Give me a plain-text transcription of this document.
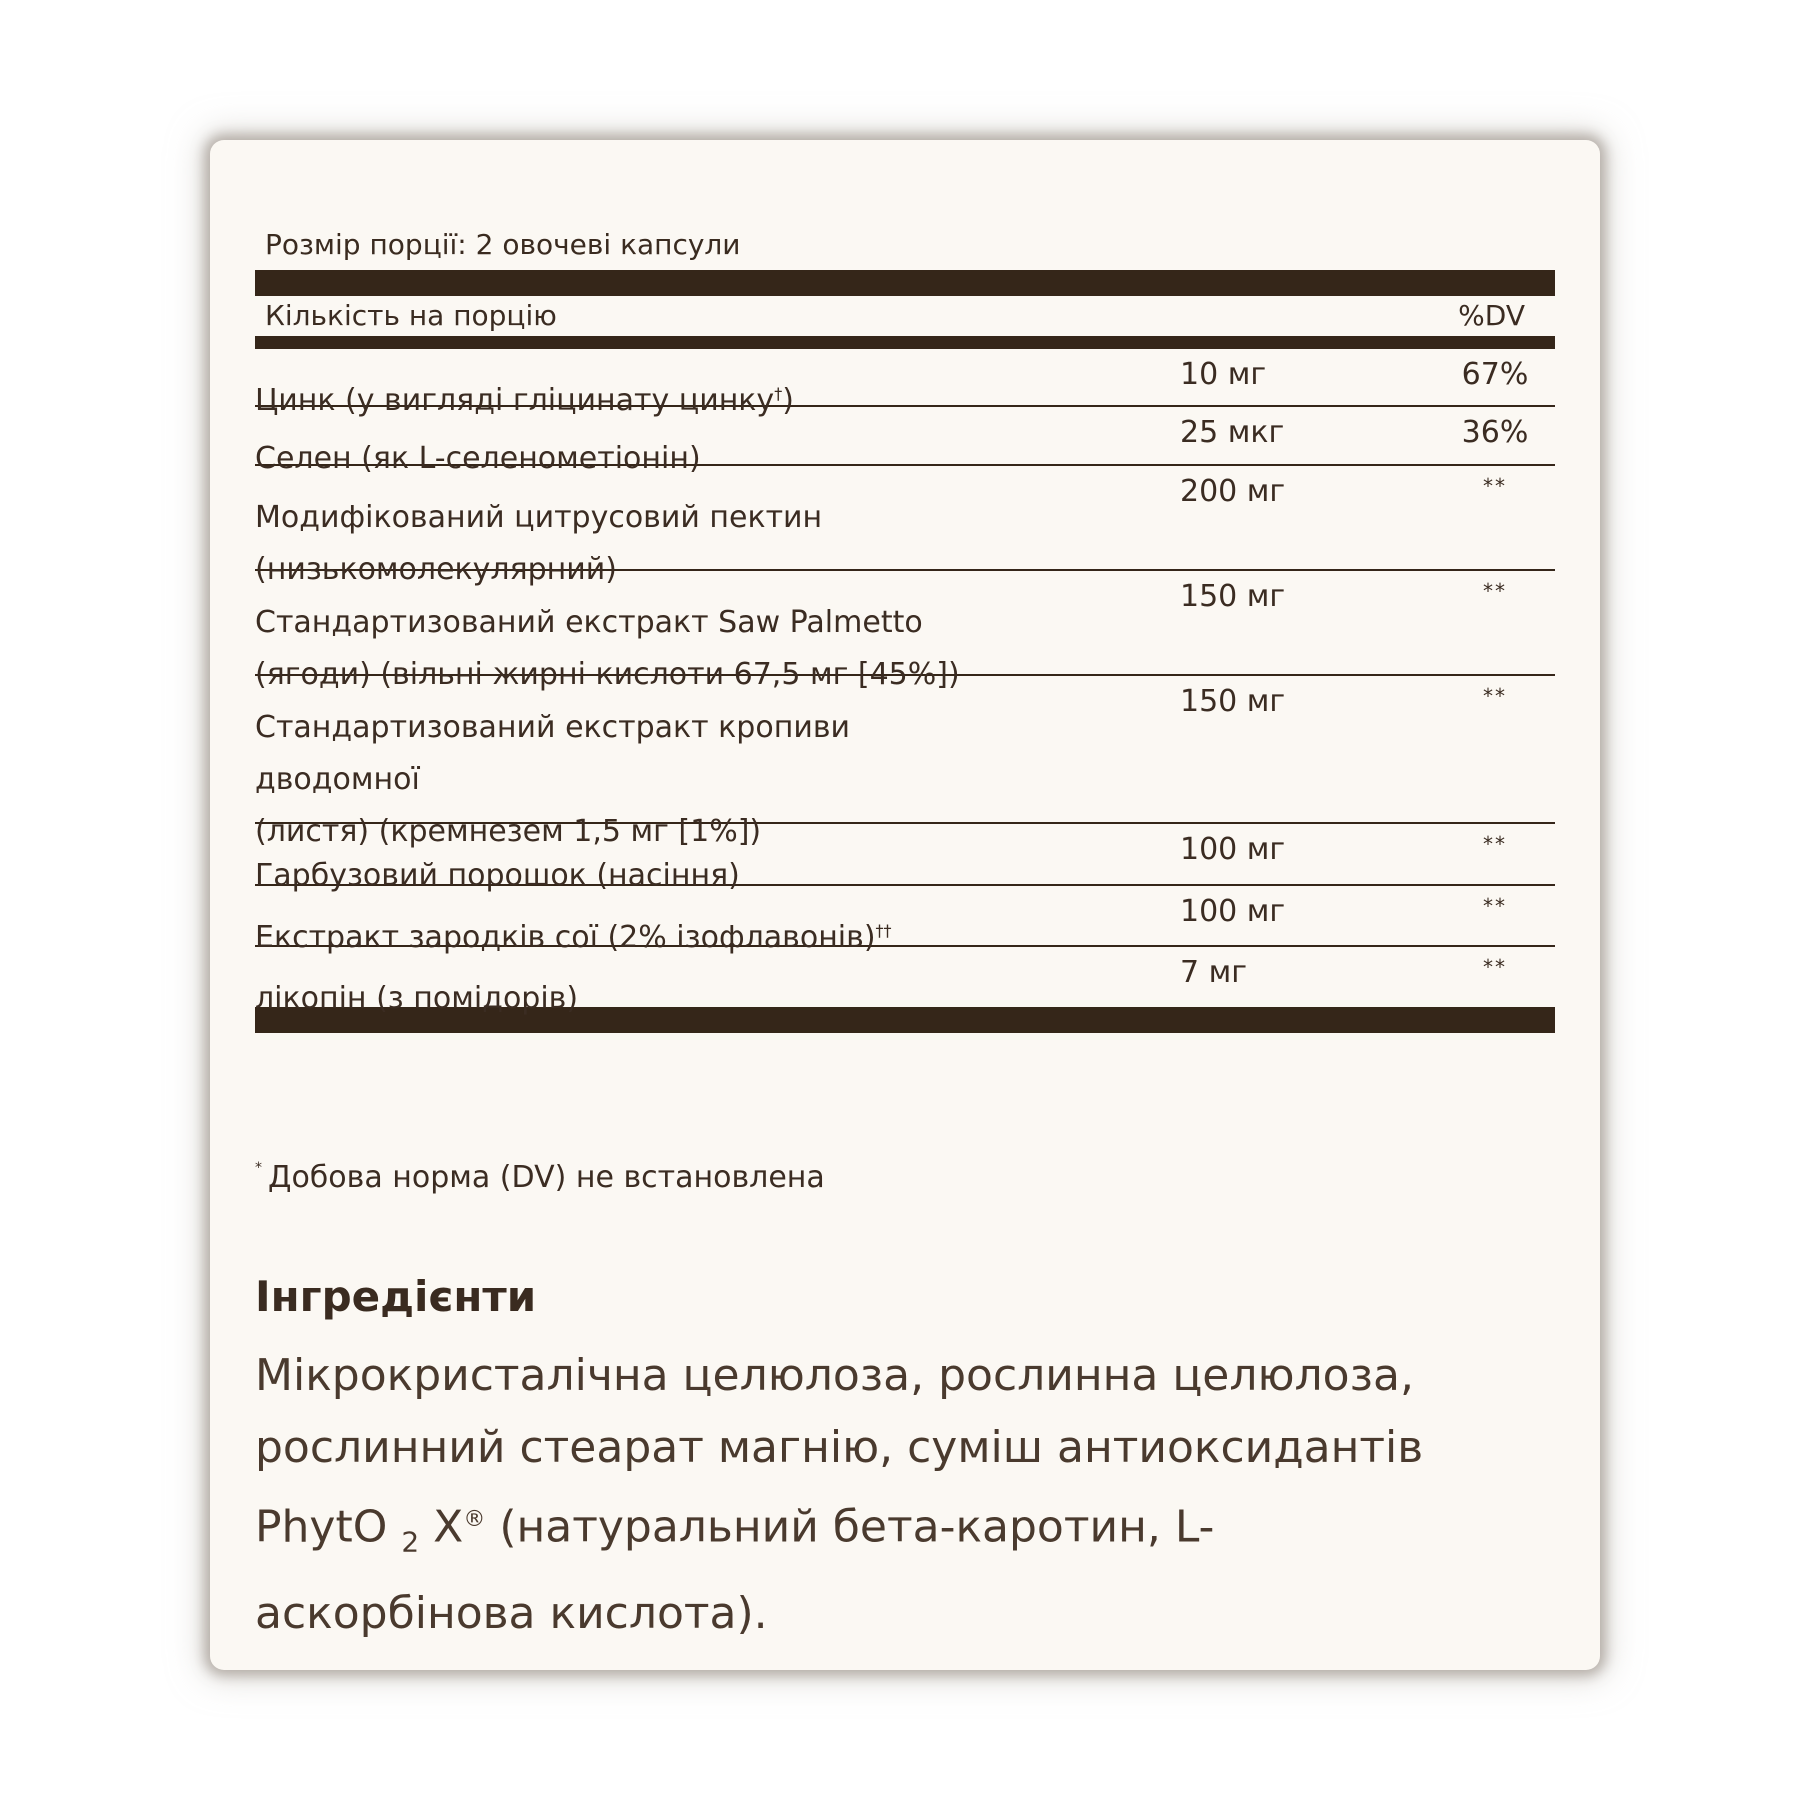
Розмір порції: 2 овочеві капсули
Кількість на порцію	%DV
Цинк (у вигляді гліцинату цинку†)
10 мг	67%
Селен (як L-селенометіонін)
25 мкг	36%
Модифікований цитрусовий пектин
(низькомолекулярний)
200 мг	**
Стандартизований екстракт Saw Palmetto
(ягоди) (вільні жирні кислоти 67,5 мг [45%])
150 мг	**
Стандартизований екстракт кропиви
дводомної
(листя) (кремнезем 1,5 мг [1%])
150 мг	**
Гарбузовий порошок (насіння)
100 мг	**
Екстракт зародків сої (2% ізофлавонів)††
100 мг	**
лікопін (з помідорів)
7 мг	**
* Добова норма (DV) не встановлена
Інгредієнти
Мікрокристалічна целюлоза, рослинна целюлоза,
рослинний стеарат магнію, суміш антиоксидантів
PhytO $_2$ X® (натуральний бета-каротин, L-
аскорбінова кислота).
